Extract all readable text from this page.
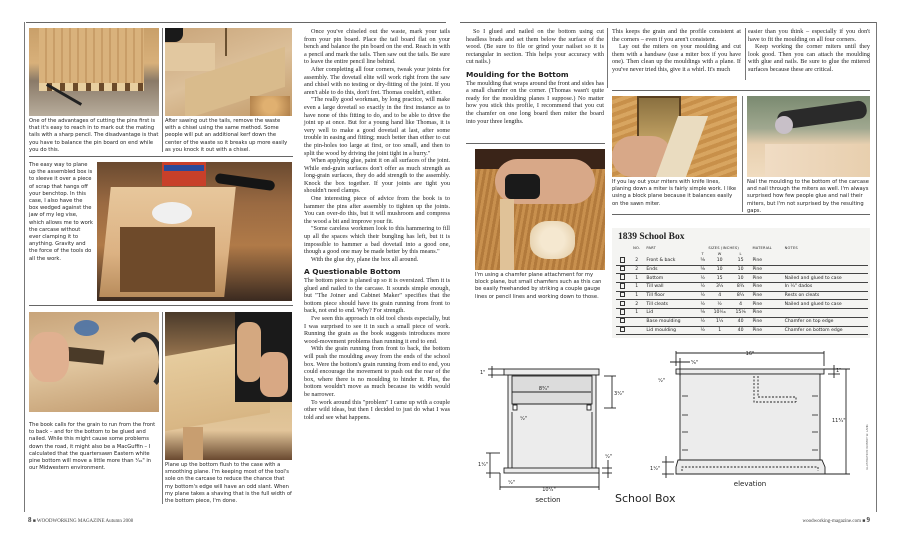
One of the advantages of cutting the pins first is that it's easy to reach in to mark out the mating tails with a sharp pencil. The disadvantage is that you have to balance the pin board on end while you do this.
After sawing out the tails, remove the waste with a chisel using the same method. Some people will put an additional kerf down the center of the waste so it breaks up more easily as you knock it out with a chisel.
The easy way to plane up the assembled box is to sleeve it over a piece of scrap that hangs off your benchtop. In this case, I also have the box wedged against the jaw of my leg vise, which allows me to work the carcase without ever clamping it to anything. Gravity and the force of the tools do all the work.
The book calls for the grain to run from the front to back – and for the bottom to be glued and nailed. While this might cause some problems down the road, it might also be a MacGuffin – I calculated that the quartersawn Eastern white pine bottom will move a little more than ¹⁄₁₆" in our Midwestern environment.
Plane up the bottom flush to the case with a smoothing plane. I'm keeping most of the tool's sole on the carcase to reduce the chance that my bottom's edge will have an odd slant. When my plane takes a shaving that is the full width of the bottom piece, I'm done.

Once you've chiseled out the waste, mark your tails from your pin board. Place the tail board flat on your bench and balance the pin board on the end. Reach in with a pencil and mark the tails. Then saw out the tails. Be sure to leave the entire pencil line behind.

After completing all four corners, tweak your joints for assembly. The dovetail elite will work right from the saw and chisel with no testing or dry-fitting of the joint. If you aren't able to do this, don't fret. Thomas couldn't, either.

"The really good workman, by long practice, will make even a large dovetail so exactly in the first instance as to have none of this fitting to do, and to be able to drive the joint up at once. But for a young hand like Thomas, it is very well to make a good dovetail at last, after some trouble in easing and fitting; much better than either to cut the pin-holes too large at first, or too small, and then to split the wood by driving the joint tight in a hurry."

When applying glue, paint it on all surfaces of the joint. While end-grain surfaces don't offer as much strength as long-grain surfaces, they do add strength to the assembly. Knock the box together. If your joints are tight you shouldn't need clamps.

One interesting piece of advice from the book is to hammer the pins after assembly to tighten up the joints. You can over-do this, but it will mushroom and compress the wood a bit and improve your fit.

"Some careless workmen look to this hammering to fill up all the spaces which their bungling has left, but it is impossible to hammer a bad dovetail into a good one, though a good one may be made better by this means."

With the glue dry, plane the box all around.

A Questionable Bottom

The bottom piece is planed up so it is oversized. Then it is glued and nailed to the carcase. It sounds simple enough, but "The Joiner and Cabinet Maker" specifies that the bottom piece should have its grain running from front to back, not end to end. Why? For strength.

I've seen this approach in old tool chests especially, but I was surprised to see it in such a small piece of work. Running the grain as the book suggests introduces more wood-movement problems than running it end to end.

With the grain running from front to back, the bottom will push the moulding away from the ends of the school box. Were the bottom's grain running from end to end, you could encourage the movement to push out the rear of the box, where there is no moulding to hinder it. Plus, the bottom wouldn't move as much because its width would be narrower.

To work around this "problem" I came up with a couple other wild ideas, but then I decided to just do what I was told and see what happens.

8 ■ WOODWORKING MAGAZINE Autumn 2008

So I glued and nailed on the bottom using cut headless brads and set them below the surface of the wood. (Be sure to file or grind your nailset so it is rectangular in section. This helps your accuracy with cut nails.)

Moulding for the Bottom

The moulding that wraps around the front and sides has a small chamfer on the corner. (Thomas wasn't quite ready for the moulding planes I suppose.) No matter how you stick this profile, I recommend that you cut the chamfer on one long board then miter the board into your three lengths.

I'm using a chamfer plane attachment for my block plane, but small chamfers such as this can be easily freehanded by striking a couple gauge lines or pencil lines and working down to those.

This keeps the grain and the profile consistent at the corners – even if you aren't consistent.

Lay out the miters on your moulding and cut them with a handsaw (use a miter box if you have one). Then clean up the mouldings with a plane. If you've never tried this, give it a whirl. It's much

easier than you think – especially if you don't have to fit the moulding on all four corners.

Keep working the corner miters until they look good. Then you can attach the moulding with glue and nails. Be sure to glue the mitered surfaces because these are critical.

If you lay out your miters with knife lines, planing down a miter is fairly simple work. I like using a block plane because it balances easily on the sawn miter.
Nail the moulding to the bottom of the carcase and nail through the miters as well. I'm always surprised how few people glue and nail their miters, but I'm not surprised by the resulting gaps.
1839 School Box
	NO.	PART	SIZES (INCHES)			MATERIAL	NOTES
			T	W	L		
	2	Front & back	⁵⁄₈	10	15	Pine	
	2	Ends	⁵⁄₈	10	10	Pine	
	1	Bottom	¹⁄₂	15	10	Pine	Nailed and glued to case
	1	Till wall	¹⁄₂	3¹⁄₂	8³⁄₄	Pine	In ¹⁄₄" dados
	1	Till floor	¹⁄₂	4	8¹⁄₂	Pine	Rests on cleats
	2	Till cleats	¹⁄₂	¹⁄₂	4	Pine	Nailed and glued to case
	1	Lid	⁵⁄₈	10¹⁄₁₆	15¹⁄₈	Pine	
		Base moulding	¹⁄₂	1¹⁄₂	40	Pine	Chamfer on top edge
		Lid moulding	¹⁄₂	1	40	Pine	Chamfer on bottom edge
1"
8³⁄₄"
3¹⁄₂"
¹⁄₂"
1¹⁄₂"
¹⁄₂"
¹⁄₂"
10¹⁄₂"
section	School Box
16"
⁵⁄₈"
¹⁄₂"
1"
11³⁄₄"
1¹⁄₂"
elevation
ILLUSTRATION: ROBERT W. LANG
woodworking-magazine.com ■ 9
